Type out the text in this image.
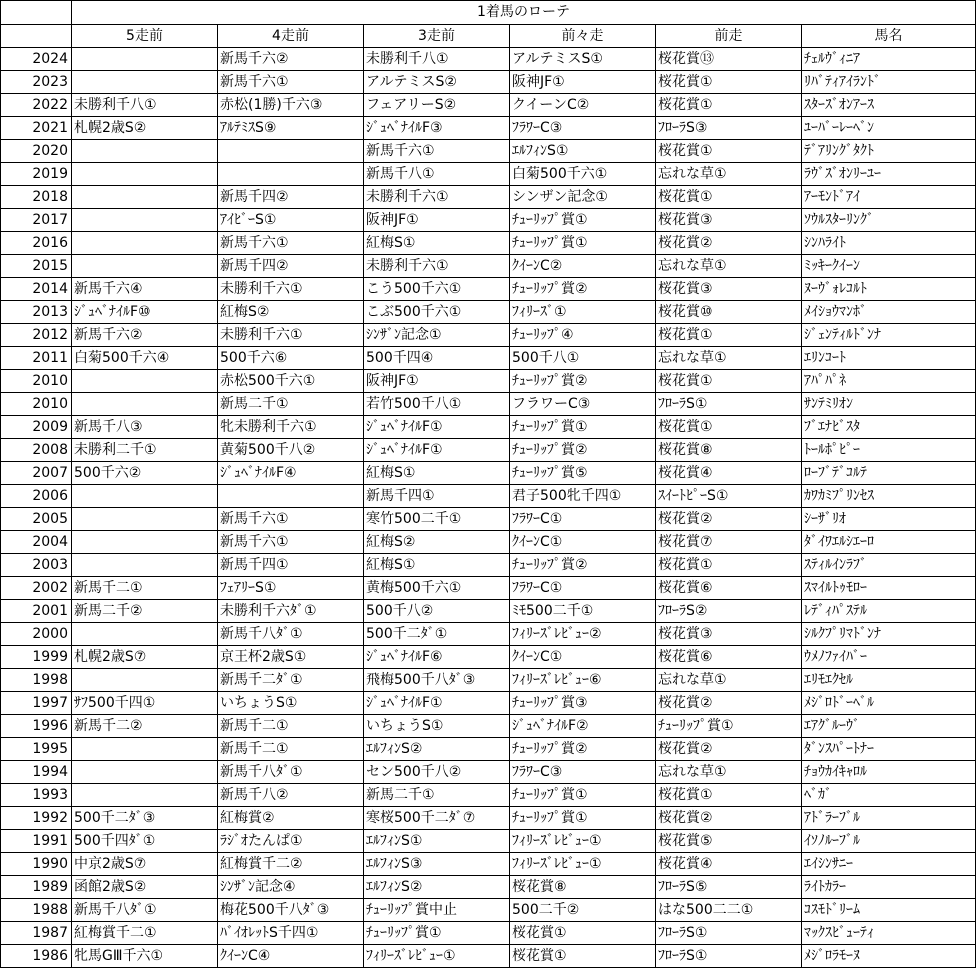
	1着馬のローテ					
	5走前	4走前	3走前	前々走	前走	馬名
2024		新馬千六②	未勝利千八①	アルテミスS①	桜花賞⑬	ﾁｪﾙｳﾞｨﾆｱ
2023		新馬千六①	アルテミスS②	阪神JF①	桜花賞①	ﾘﾊﾞﾃｨｱｲﾗﾝﾄﾞ
2022	未勝利千八①	赤松(1勝)千六③	フェアリーS②	クイーンC②	桜花賞①	ｽﾀｰｽﾞｵﾝｱｰｽ
2021	札幌2歳S②	ｱﾙﾃﾐｽS⑨	ｼﾞｭﾍﾞﾅｲﾙF③	ﾌﾗﾜｰC③	ﾌﾛｰﾗS③	ﾕｰﾊﾞｰﾚｰﾍﾞﾝ
2020			新馬千六①	ｴﾙﾌｨﾝS①	桜花賞①	ﾃﾞｱﾘﾝｸﾞﾀｸﾄ
2019			新馬千八①	白菊500千六①	忘れな草①	ﾗｳﾞｽﾞｵﾝﾘｰﾕｰ
2018		新馬千四②	未勝利千六①	シンザン記念①	桜花賞①	ｱｰﾓﾝﾄﾞｱｲ
2017		ｱｲﾋﾞｰS①	阪神JF①	ﾁｭｰﾘｯﾌﾟ賞①	桜花賞③	ｿｳﾙｽﾀｰﾘﾝｸﾞ
2016		新馬千六①	紅梅S①	ﾁｭｰﾘｯﾌﾟ賞①	桜花賞②	ｼﾝﾊﾗｲﾄ
2015		新馬千四②	未勝利千六①	ｸｲｰﾝC②	忘れな草①	ﾐｯｷｰｸｲｰﾝ
2014	新馬千六④	未勝利千六①	こう500千六①	ﾁｭｰﾘｯﾌﾟ賞②	桜花賞③	ﾇｰｳﾞｫﾚｺﾙﾄ
2013	ｼﾞｭﾍﾞﾅｲﾙF⑩	紅梅S②	こぶ500千六①	ﾌｨﾘｰｽﾞ①	桜花賞⑩	ﾒｲｼｮｳﾏﾝﾎﾞ
2012	新馬千六②	未勝利千六①	ｼﾝｻﾞﾝ記念①	ﾁｭｰﾘｯﾌﾟ④	桜花賞①	ｼﾞｪﾝﾃｨﾙﾄﾞﾝﾅ
2011	白菊500千六④	500千六⑥	500千四④	500千八①	忘れな草①	ｴﾘﾝｺｰﾄ
2010		赤松500千六①	阪神JF①	ﾁｭｰﾘｯﾌﾟ賞②	桜花賞①	ｱﾊﾟﾊﾟﾈ
2010		新馬二千①	若竹500千八①	フラワーC③	ﾌﾛｰﾗS①	ｻﾝﾃﾐﾘｵﾝ
2009	新馬千八③	牝未勝利千六①	ｼﾞｭﾍﾞﾅｲﾙF①	ﾁｭｰﾘｯﾌﾟ賞①	桜花賞①	ﾌﾞｴﾅﾋﾞｽﾀ
2008	未勝利二千①	黄菊500千八②	ｼﾞｭﾍﾞﾅｲﾙF①	ﾁｭｰﾘｯﾌﾟ賞②	桜花賞⑧	ﾄｰﾙﾎﾟﾋﾟｰ
2007	500千六②	ｼﾞｭﾍﾞﾅｲﾙF④	紅梅S①	ﾁｭｰﾘｯﾌﾟ賞⑤	桜花賞④	ﾛｰﾌﾞﾃﾞｺﾙﾃ
2006			新馬千四①	君子500牝千四①	ｽｲｰﾄﾋﾟｰS①	ｶﾜｶﾐﾌﾟﾘﾝｾｽ
2005		新馬千六①	寒竹500二千①	ﾌﾗﾜｰC①	桜花賞②	ｼｰｻﾞﾘｵ
2004		新馬千六①	紅梅S②	ｸｲｰﾝC①	桜花賞⑦	ﾀﾞｲﾜｴﾙｼｴｰﾛ
2003		新馬千四①	紅梅S①	ﾁｭｰﾘｯﾌﾟ賞②	桜花賞①	ｽﾃｨﾙｲﾝﾗﾌﾞ
2002	新馬千二①	ﾌｪｱﾘｰS①	黄梅500千六①	ﾌﾗﾜｰC①	桜花賞⑥	ｽﾏｲﾙﾄｩﾓﾛｰ
2001	新馬二千②	未勝利千六ﾀﾞ①	500千八②	ﾐﾓ500二千①	ﾌﾛｰﾗS②	ﾚﾃﾞｨﾊﾟｽﾃﾙ
2000		新馬千八ﾀﾞ①	500千二ﾀﾞ①	ﾌｨﾘｰｽﾞﾚﾋﾞｭｰ②	桜花賞③	ｼﾙｸﾌﾟﾘﾏﾄﾞﾝﾅ
1999	札幌2歳S⑦	京王杯2歳S①	ｼﾞｭﾍﾞﾅｲﾙF⑥	ｸｲｰﾝC①	桜花賞⑥	ｳﾒﾉﾌｧｲﾊﾞｰ
1998		新馬千二ﾀﾞ①	飛梅500千八ﾀﾞ③	ﾌｨﾘｰｽﾞﾚﾋﾞｭｰ⑥	忘れな草①	ｴﾘﾓｴｸｾﾙ
1997	ｻﾌ500千四①	いちょうS①	ｼﾞｭﾍﾞﾅｲﾙF①	ﾁｭｰﾘｯﾌﾟ賞③	桜花賞②	ﾒｼﾞﾛﾄﾞｰﾍﾞﾙ
1996	新馬千二②	新馬千二①	いちょうS①	ｼﾞｭﾍﾞﾅｲﾙF②	ﾁｭｰﾘｯﾌﾟ賞①	ｴｱｸﾞﾙｰｳﾞ
1995		新馬千二①	ｴﾙﾌｨﾝS②	ﾁｭｰﾘｯﾌﾟ賞②	桜花賞②	ﾀﾞﾝｽﾊﾟｰﾄﾅｰ
1994		新馬千八ﾀﾞ①	セン500千八②	ﾌﾗﾜｰC③	忘れな草①	ﾁｮｳｶｲｷｬﾛﾙ
1993		新馬千八②	新馬二千①	ﾁｭｰﾘｯﾌﾟ賞①	桜花賞①	ﾍﾞｶﾞ
1992	500千二ﾀﾞ③	紅梅賞②	寒桜500千二ﾀﾞ⑦	ﾁｭｰﾘｯﾌﾟ賞①	桜花賞②	ｱﾄﾞﾗｰﾌﾞﾙ
1991	500千四ﾀﾞ①	ﾗｼﾞｵたんぱ①	ｴﾙﾌｨﾝS①	ﾌｨﾘｰｽﾞﾚﾋﾞｭｰ①	桜花賞⑤	ｲｿﾉﾙｰﾌﾞﾙ
1990	中京2歳S⑦	紅梅賞千二②	ｴﾙﾌｨﾝS③	ﾌｨﾘｰｽﾞﾚﾋﾞｭｰ①	桜花賞④	ｴｲｼﾝｻﾆｰ
1989	函館2歳S②	ｼﾝｻﾞﾝ記念④	ｴﾙﾌｨﾝS②	桜花賞⑧	ﾌﾛｰﾗS⑤	ﾗｲﾄｶﾗｰ
1988	新馬千八ﾀﾞ①	梅花500千八ﾀﾞ③	ﾁｭｰﾘｯﾌﾟ賞中止	500二千②	はな500二二①	ｺｽﾓﾄﾞﾘｰﾑ
1987	紅梅賞千二①	ﾊﾞｲｵﾚｯﾄS千四①	ﾁｭｰﾘｯﾌﾟ賞①	桜花賞①	ﾌﾛｰﾗS①	ﾏｯｸｽﾋﾞｭｰﾃｨ
1986	牝馬GⅢ千六①	ｸｲｰﾝC④	ﾌｨﾘｰｽﾞﾚﾋﾞｭｰ①	桜花賞①	ﾌﾛｰﾗS①	ﾒｼﾞﾛﾗﾓｰﾇ
